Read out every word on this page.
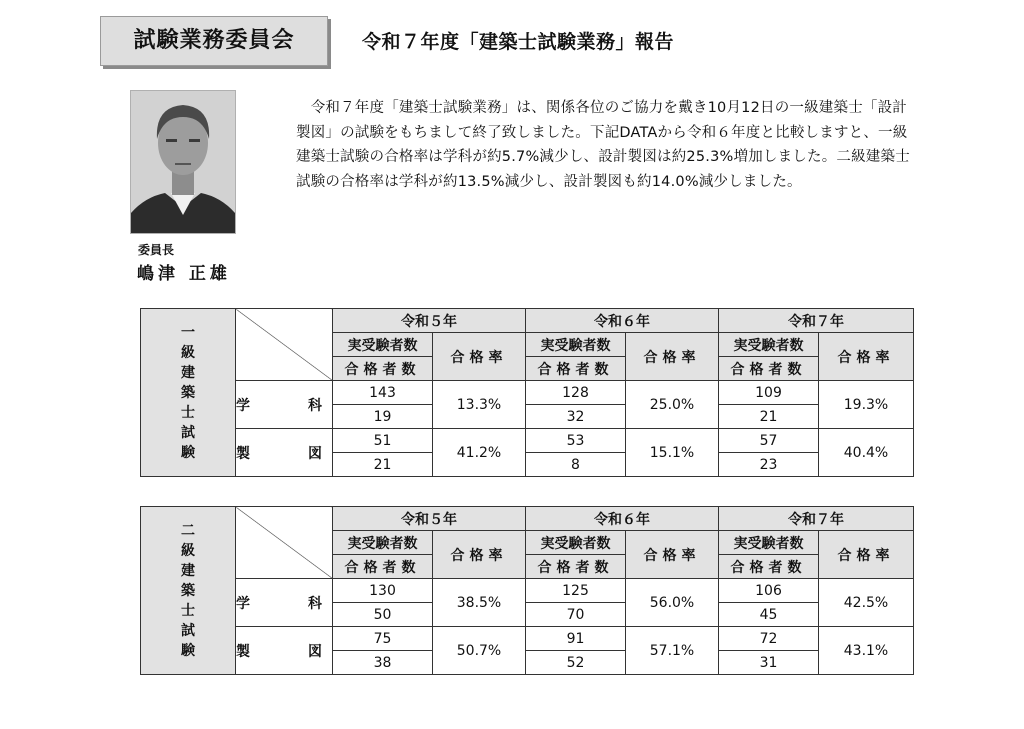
試験業務委員会	令和７年度「建築士試験業務」報告
委員長
嶋津 正雄

　令和７年度「建築士試験業務」は、関係各位のご協力を戴き10月12日の一級建築士「設計製図」の試験をもちまして終了致しました。下記DATAから令和６年度と比較しますと、一級建築士試験の合格率は学科が約5.7%減少し、設計製図は約25.3%増加しました。二級建築士試験の合格率は学科が約13.5%減少し、設計製図も約14.0%減少しました。

一級建築士試験		令和５年		令和６年		令和７年	
		実受験者数	合格率	実受験者数	合格率	実受験者数	合格率
		合格者数		合格者数		合格者数	
	学　科	143	13.3%	128	25.0%	109	19.3%
		19		32		21	
	製　図	51	41.2%	53	15.1%	57	40.4%
		21		8		23	
二級建築士試験		令和５年		令和６年		令和７年	
		実受験者数	合格率	実受験者数	合格率	実受験者数	合格率
		合格者数		合格者数		合格者数	
	学　科	130	38.5%	125	56.0%	106	42.5%
		50		70		45	
	製　図	75	50.7%	91	57.1%	72	43.1%
		38		52		31	
